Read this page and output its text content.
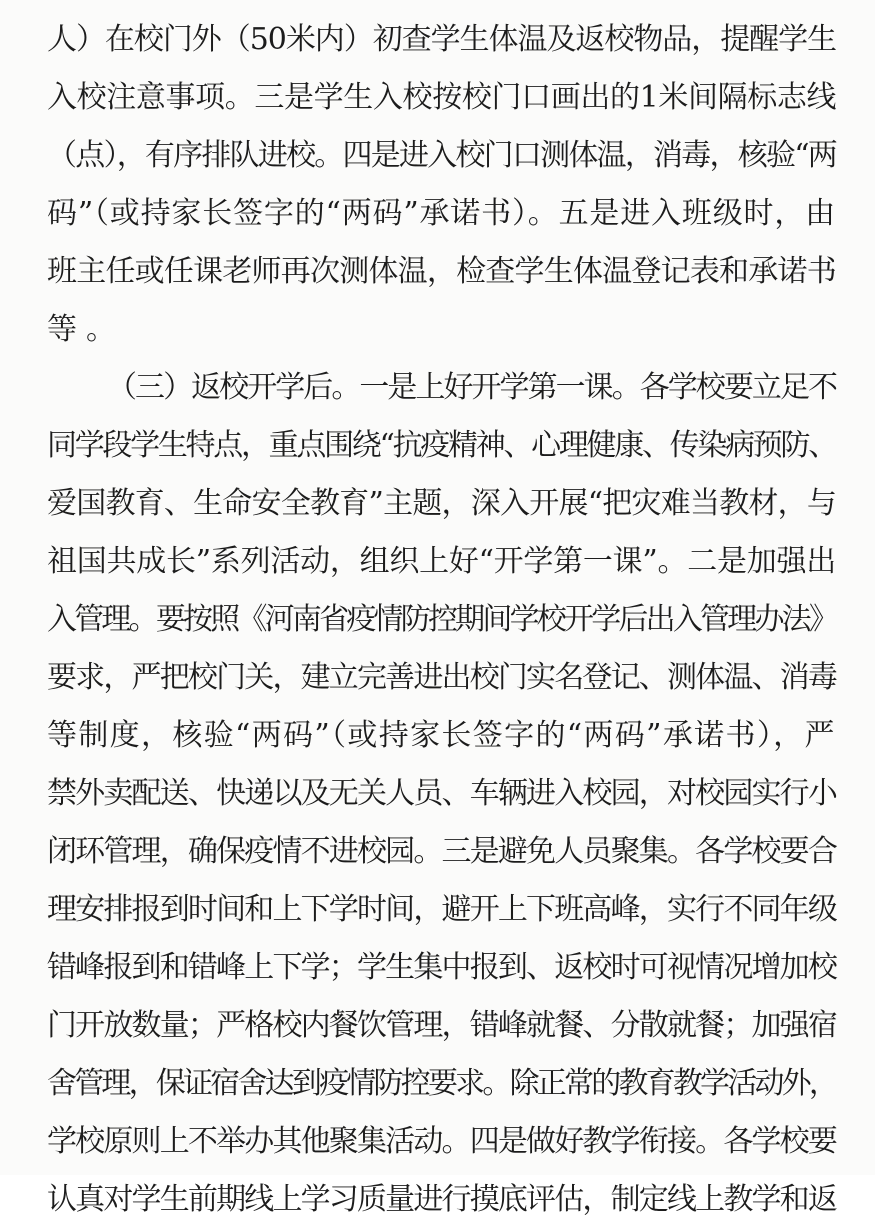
人）在校门外（50米内）初查学生体温及返校物品，提醒学生
入校注意事项。三是学生入校按校门口画出的1米间隔标志线
（点），有序排队进校。四是进入校门口测体温，消毒，核验“两
码”（或持家长签字的“两码”承诺书）。五是进入班级时，由
班主任或任课老师再次测体温，检查学生体温登记表和承诺书
等。
（三）返校开学后。一是上好开学第一课。各学校要立足不
同学段学生特点，重点围绕“抗疫精神、心理健康、传染病预防、
爱国教育、生命安全教育”主题，深入开展“把灾难当教材，与
祖国共成长”系列活动，组织上好“开学第一课”。二是加强出
入管理。要按照《河南省疫情防控期间学校开学后出入管理办法》
要求，严把校门关，建立完善进出校门实名登记、测体温、消毒
等制度，核验“两码”（或持家长签字的“两码”承诺书），严
禁外卖配送、快递以及无关人员、车辆进入校园，对校园实行小
闭环管理，确保疫情不进校园。三是避免人员聚集。各学校要合
理安排报到时间和上下学时间，避开上下班高峰，实行不同年级
错峰报到和错峰上下学；学生集中报到、返校时可视情况增加校
门开放数量；严格校内餐饮管理，错峰就餐、分散就餐；加强宿
舍管理，保证宿舍达到疫情防控要求。除正常的教育教学活动外，
学校原则上不举办其他聚集活动。四是做好教学衔接。各学校要
认真对学生前期线上学习质量进行摸底评估，制定线上教学和返
